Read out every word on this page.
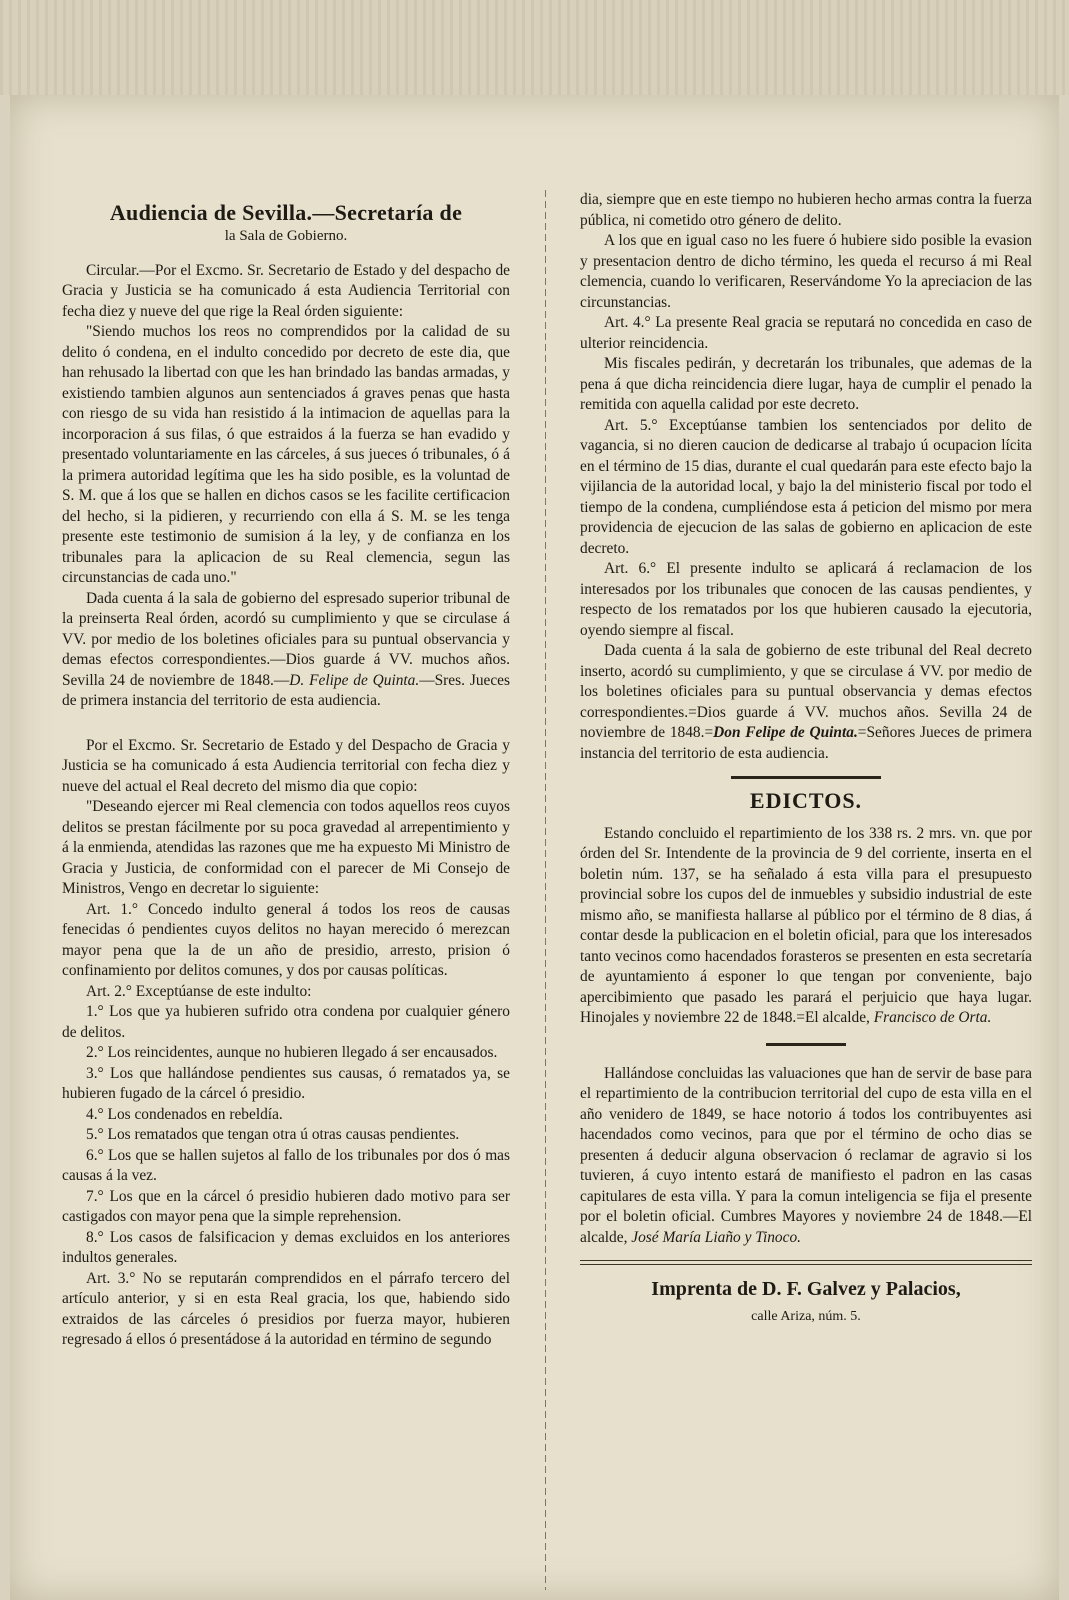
Audiencia de Sevilla.—Secretaría de
la Sala de Gobierno.

Circular.—Por el Excmo. Sr. Secretario de Estado y del despacho de Gracia y Justicia se ha comunicado á esta Audiencia Territorial con fecha diez y nueve del que rige la Real órden siguiente:

"Siendo muchos los reos no comprendidos por la calidad de su delito ó condena, en el indulto concedido por decreto de este dia, que han rehusado la libertad con que les han brindado las bandas armadas, y existiendo tambien algunos aun sentenciados á graves penas que hasta con riesgo de su vida han resistido á la intimacion de aquellas para la incorporacion á sus filas, ó que estraidos á la fuerza se han evadido y presentado voluntariamente en las cárceles, á sus jueces ó tribunales, ó á la primera autoridad legítima que les ha sido posible, es la voluntad de S. M. que á los que se hallen en dichos casos se les facilite certificacion del hecho, si la pidieren, y recurriendo con ella á S. M. se les tenga presente este testimonio de sumision á la ley, y de confianza en los tribunales para la aplicacion de su Real clemencia, segun las circunstancias de cada uno."

Dada cuenta á la sala de gobierno del espresado superior tribunal de la preinserta Real órden, acordó su cumplimiento y que se circulase á VV. por medio de los boletines oficiales para su puntual observancia y demas efectos correspondientes.—Dios guarde á VV. muchos años. Sevilla 24 de noviembre de 1848.—D. Felipe de Quinta.—Sres. Jueces de primera instancia del territorio de esta audiencia.

Por el Excmo. Sr. Secretario de Estado y del Despacho de Gracia y Justicia se ha comunicado á esta Audiencia territorial con fecha diez y nueve del actual el Real decreto del mismo dia que copio:

"Deseando ejercer mi Real clemencia con todos aquellos reos cuyos delitos se prestan fácilmente por su poca gravedad al arrepentimiento y á la enmienda, atendidas las razones que me ha expuesto Mi Ministro de Gracia y Justicia, de conformidad con el parecer de Mi Consejo de Ministros, Vengo en decretar lo siguiente:

Art. 1.° Concedo indulto general á todos los reos de causas fenecidas ó pendientes cuyos delitos no hayan merecido ó merezcan mayor pena que la de un año de presidio, arresto, prision ó confinamiento por delitos comunes, y dos por causas políticas.

Art. 2.° Exceptúanse de este indulto:

1.° Los que ya hubieren sufrido otra condena por cualquier género de delitos.

2.° Los reincidentes, aunque no hubieren llegado á ser encausados.

3.° Los que hallándose pendientes sus causas, ó rematados ya, se hubieren fugado de la cárcel ó presidio.

4.° Los condenados en rebeldía.

5.° Los rematados que tengan otra ú otras causas pendientes.

6.° Los que se hallen sujetos al fallo de los tribunales por dos ó mas causas á la vez.

7.° Los que en la cárcel ó presidio hubieren dado motivo para ser castigados con mayor pena que la simple reprehension.

8.° Los casos de falsificacion y demas excluidos en los anteriores indultos generales.

Art. 3.° No se reputarán comprendidos en el párrafo tercero del artículo anterior, y si en esta Real gracia, los que, habiendo sido extraidos de las cárceles ó presidios por fuerza mayor, hubieren regresado á ellos ó presentádose á la autoridad en término de segundo

dia, siempre que en este tiempo no hubieren hecho armas contra la fuerza pública, ni cometido otro género de delito.

A los que en igual caso no les fuere ó hubiere sido posible la evasion y presentacion dentro de dicho término, les queda el recurso á mi Real clemencia, cuando lo verificaren, Reservándome Yo la apreciacion de las circunstancias.

Art. 4.° La presente Real gracia se reputará no concedida en caso de ulterior reincidencia.

Mis fiscales pedirán, y decretarán los tribunales, que ademas de la pena á que dicha reincidencia diere lugar, haya de cumplir el penado la remitida con aquella calidad por este decreto.

Art. 5.° Exceptúanse tambien los sentenciados por delito de vagancia, si no dieren caucion de dedicarse al trabajo ú ocupacion lícita en el término de 15 dias, durante el cual quedarán para este efecto bajo la vijilancia de la autoridad local, y bajo la del ministerio fiscal por todo el tiempo de la condena, cumpliéndose esta á peticion del mismo por mera providencia de ejecucion de las salas de gobierno en aplicacion de este decreto.

Art. 6.° El presente indulto se aplicará á reclamacion de los interesados por los tribunales que conocen de las causas pendientes, y respecto de los rematados por los que hubieren causado la ejecutoria, oyendo siempre al fiscal.

Dada cuenta á la sala de gobierno de este tribunal del Real decreto inserto, acordó su cumplimiento, y que se circulase á VV. por medio de los boletines oficiales para su puntual observancia y demas efectos correspondientes.=Dios guarde á VV. muchos años. Sevilla 24 de noviembre de 1848.=Don Felipe de Quinta.=Señores Jueces de primera instancia del territorio de esta audiencia.

EDICTOS.

Estando concluido el repartimiento de los 338 rs. 2 mrs. vn. que por órden del Sr. Intendente de la provincia de 9 del corriente, inserta en el boletin núm. 137, se ha señalado á esta villa para el presupuesto provincial sobre los cupos del de inmuebles y subsidio industrial de este mismo año, se manifiesta hallarse al público por el término de 8 dias, á contar desde la publicacion en el boletin oficial, para que los interesados tanto vecinos como hacendados forasteros se presenten en esta secretaría de ayuntamiento á esponer lo que tengan por conveniente, bajo apercibimiento que pasado les parará el perjuicio que haya lugar. Hinojales y noviembre 22 de 1848.=El alcalde, Francisco de Orta.

Hallándose concluidas las valuaciones que han de servir de base para el repartimiento de la contribucion territorial del cupo de esta villa en el año venidero de 1849, se hace notorio á todos los contribuyentes asi hacendados como vecinos, para que por el término de ocho dias se presenten á deducir alguna observacion ó reclamar de agravio si los tuvieren, á cuyo intento estará de manifiesto el padron en las casas capitulares de esta villa. Y para la comun inteligencia se fija el presente por el boletin oficial. Cumbres Mayores y noviembre 24 de 1848.—El alcalde, José María Liaño y Tinoco.

Imprenta de D. F. Galvez y Palacios,
calle Ariza, núm. 5.
